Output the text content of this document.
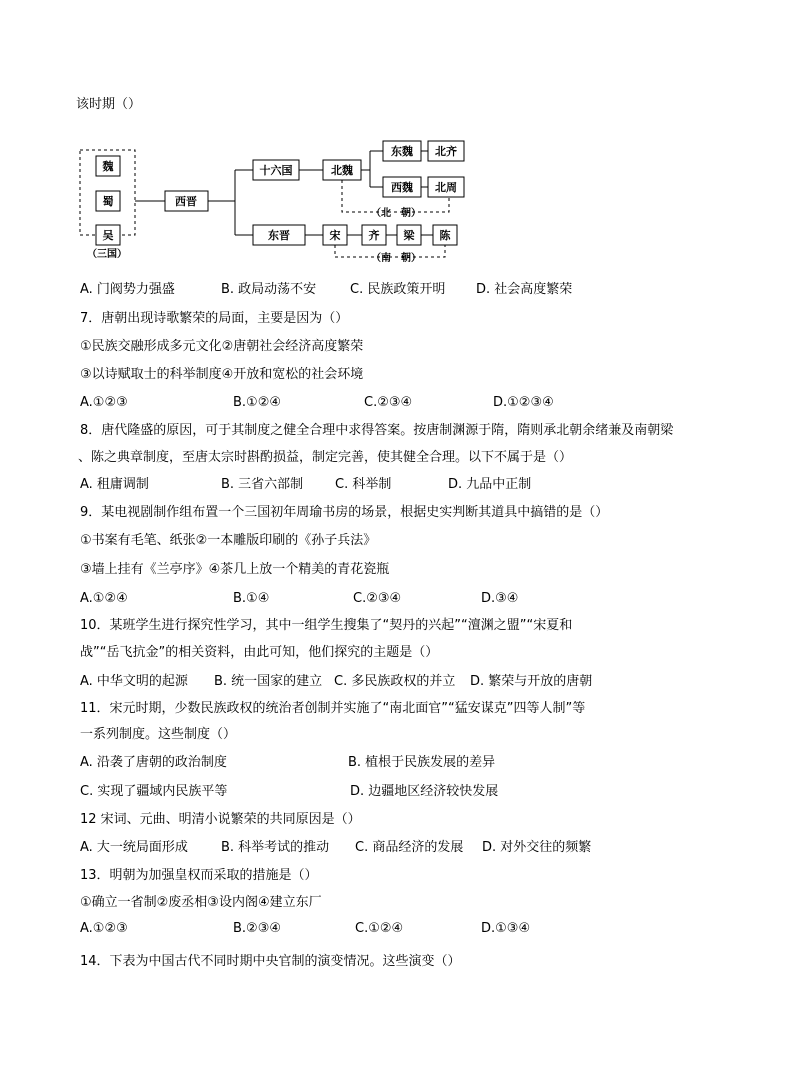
该时期（）
魏
蜀
吴
（三国）
西晋
十六国	北魏
东魏 北齐
西魏 北周
（北　朝）
东晋	宋	齐 梁 陈
（南　朝）
A. 门阀势力强盛	B. 政局动荡不安	C. 民族政策开明 D. 社会高度繁荣
7．唐朝出现诗歌繁荣的局面，主要是因为（）
①民族交融形成多元文化②唐朝社会经济高度繁荣
③以诗赋取士的科举制度④开放和宽松的社会环境
A.①②③	B.①②④	C.②③④	D.①②③④
8．唐代隆盛的原因，可于其制度之健全合理中求得答案。按唐制渊源于隋，隋则承北朝余绪兼及南朝梁
、陈之典章制度，至唐太宗时斟酌损益，制定完善，使其健全合理。以下不属于是（）
A. 租庸调制	B. 三省六部制 C. 科举制	D. 九品中正制
9．某电视剧制作组布置一个三国初年周瑜书房的场景，根据史实判断其道具中搞错的是（）
①书案有毛笔、纸张②一本雕版印刷的《孙子兵法》
③墙上挂有《兰亭序》④茶几上放一个精美的青花瓷瓶
A.①②④	B.①④	C.②③④	D.③④
10．某班学生进行探究性学习，其中一组学生搜集了“契丹的兴起”“澶渊之盟”“宋夏和
战”“岳飞抗金”的相关资料，由此可知，他们探究的主题是（）
A. 中华文明的起源 B. 统一国家的建立 C. 多民族政权的并立 D. 繁荣与开放的唐朝
11．宋元时期，少数民族政权的统治者创制并实施了“南北面官”“猛安谋克”四等人制”等
一系列制度。这些制度（）
A. 沿袭了唐朝的政治制度	B. 植根于民族发展的差异
C. 实现了疆域内民族平等	D. 边疆地区经济较快发展
12 宋词、元曲、明清小说繁荣的共同原因是（）
A. 大一统局面形成	B. 科举考试的推动 C. 商品经济的发展 D. 对外交往的频繁
13．明朝为加强皇权而采取的措施是（）
①确立一省制②废丞相③设内阁④建立东厂
A.①②③	B.②③④	C.①②④	D.①③④
14．下表为中国古代不同时期中央官制的演变情况。这些演变（）
